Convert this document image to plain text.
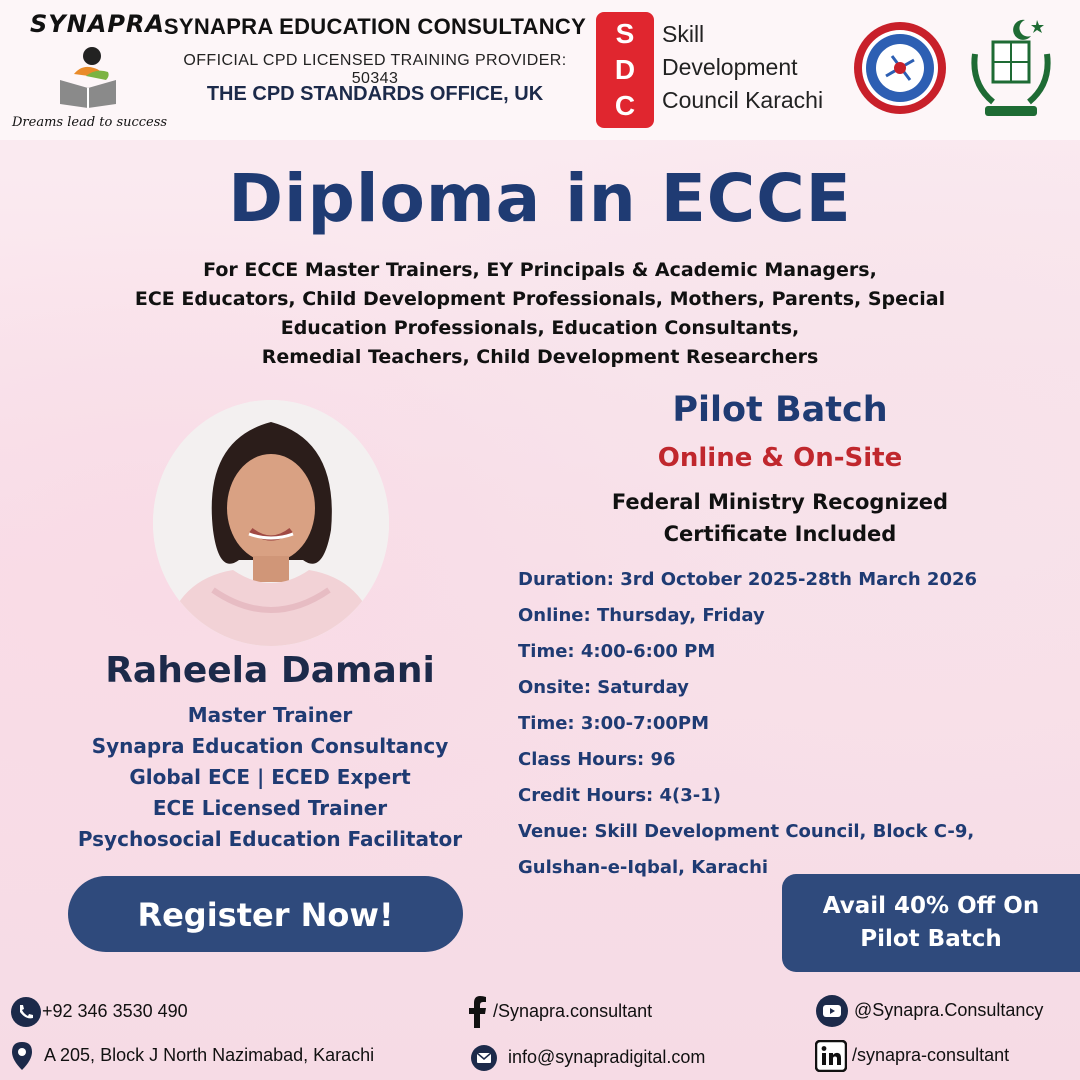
SYNAPRA
Dreams lead to success
SYNAPRA EDUCATION CONSULTANCY
OFFICIAL CPD LICENSED TRAINING PROVIDER: 50343
THE CPD STANDARDS OFFICE, UK
S
D
C
Skill
Development
Council Karachi
Diploma in ECCE
For ECCE Master Trainers, EY Principals & Academic Managers,
ECE Educators, Child Development Professionals, Mothers, Parents, Special
Education Professionals, Education Consultants,
Remedial Teachers, Child Development Researchers
Raheela Damani
Master Trainer
Synapra Education Consultancy
Global ECE | ECED Expert
ECE Licensed Trainer
Psychosocial Education Facilitator
Pilot Batch
Online & On-Site
Federal Ministry Recognized
Certificate Included
Duration: 3rd October 2025-28th March 2026
Online: Thursday, Friday
Time: 4:00-6:00 PM
Onsite: Saturday
Time: 3:00-7:00PM
Class Hours: 96
Credit Hours: 4(3-1)
Venue: Skill Development Council, Block C-9,
Gulshan-e-Iqbal, Karachi
Register Now!	Avail 40% Off On
Pilot Batch
+92 346 3530 490
A 205, Block J North Nazimabad, Karachi
/Synapra.consultant
info@synapradigital.com
@Synapra.Consultancy
/synapra-consultant
